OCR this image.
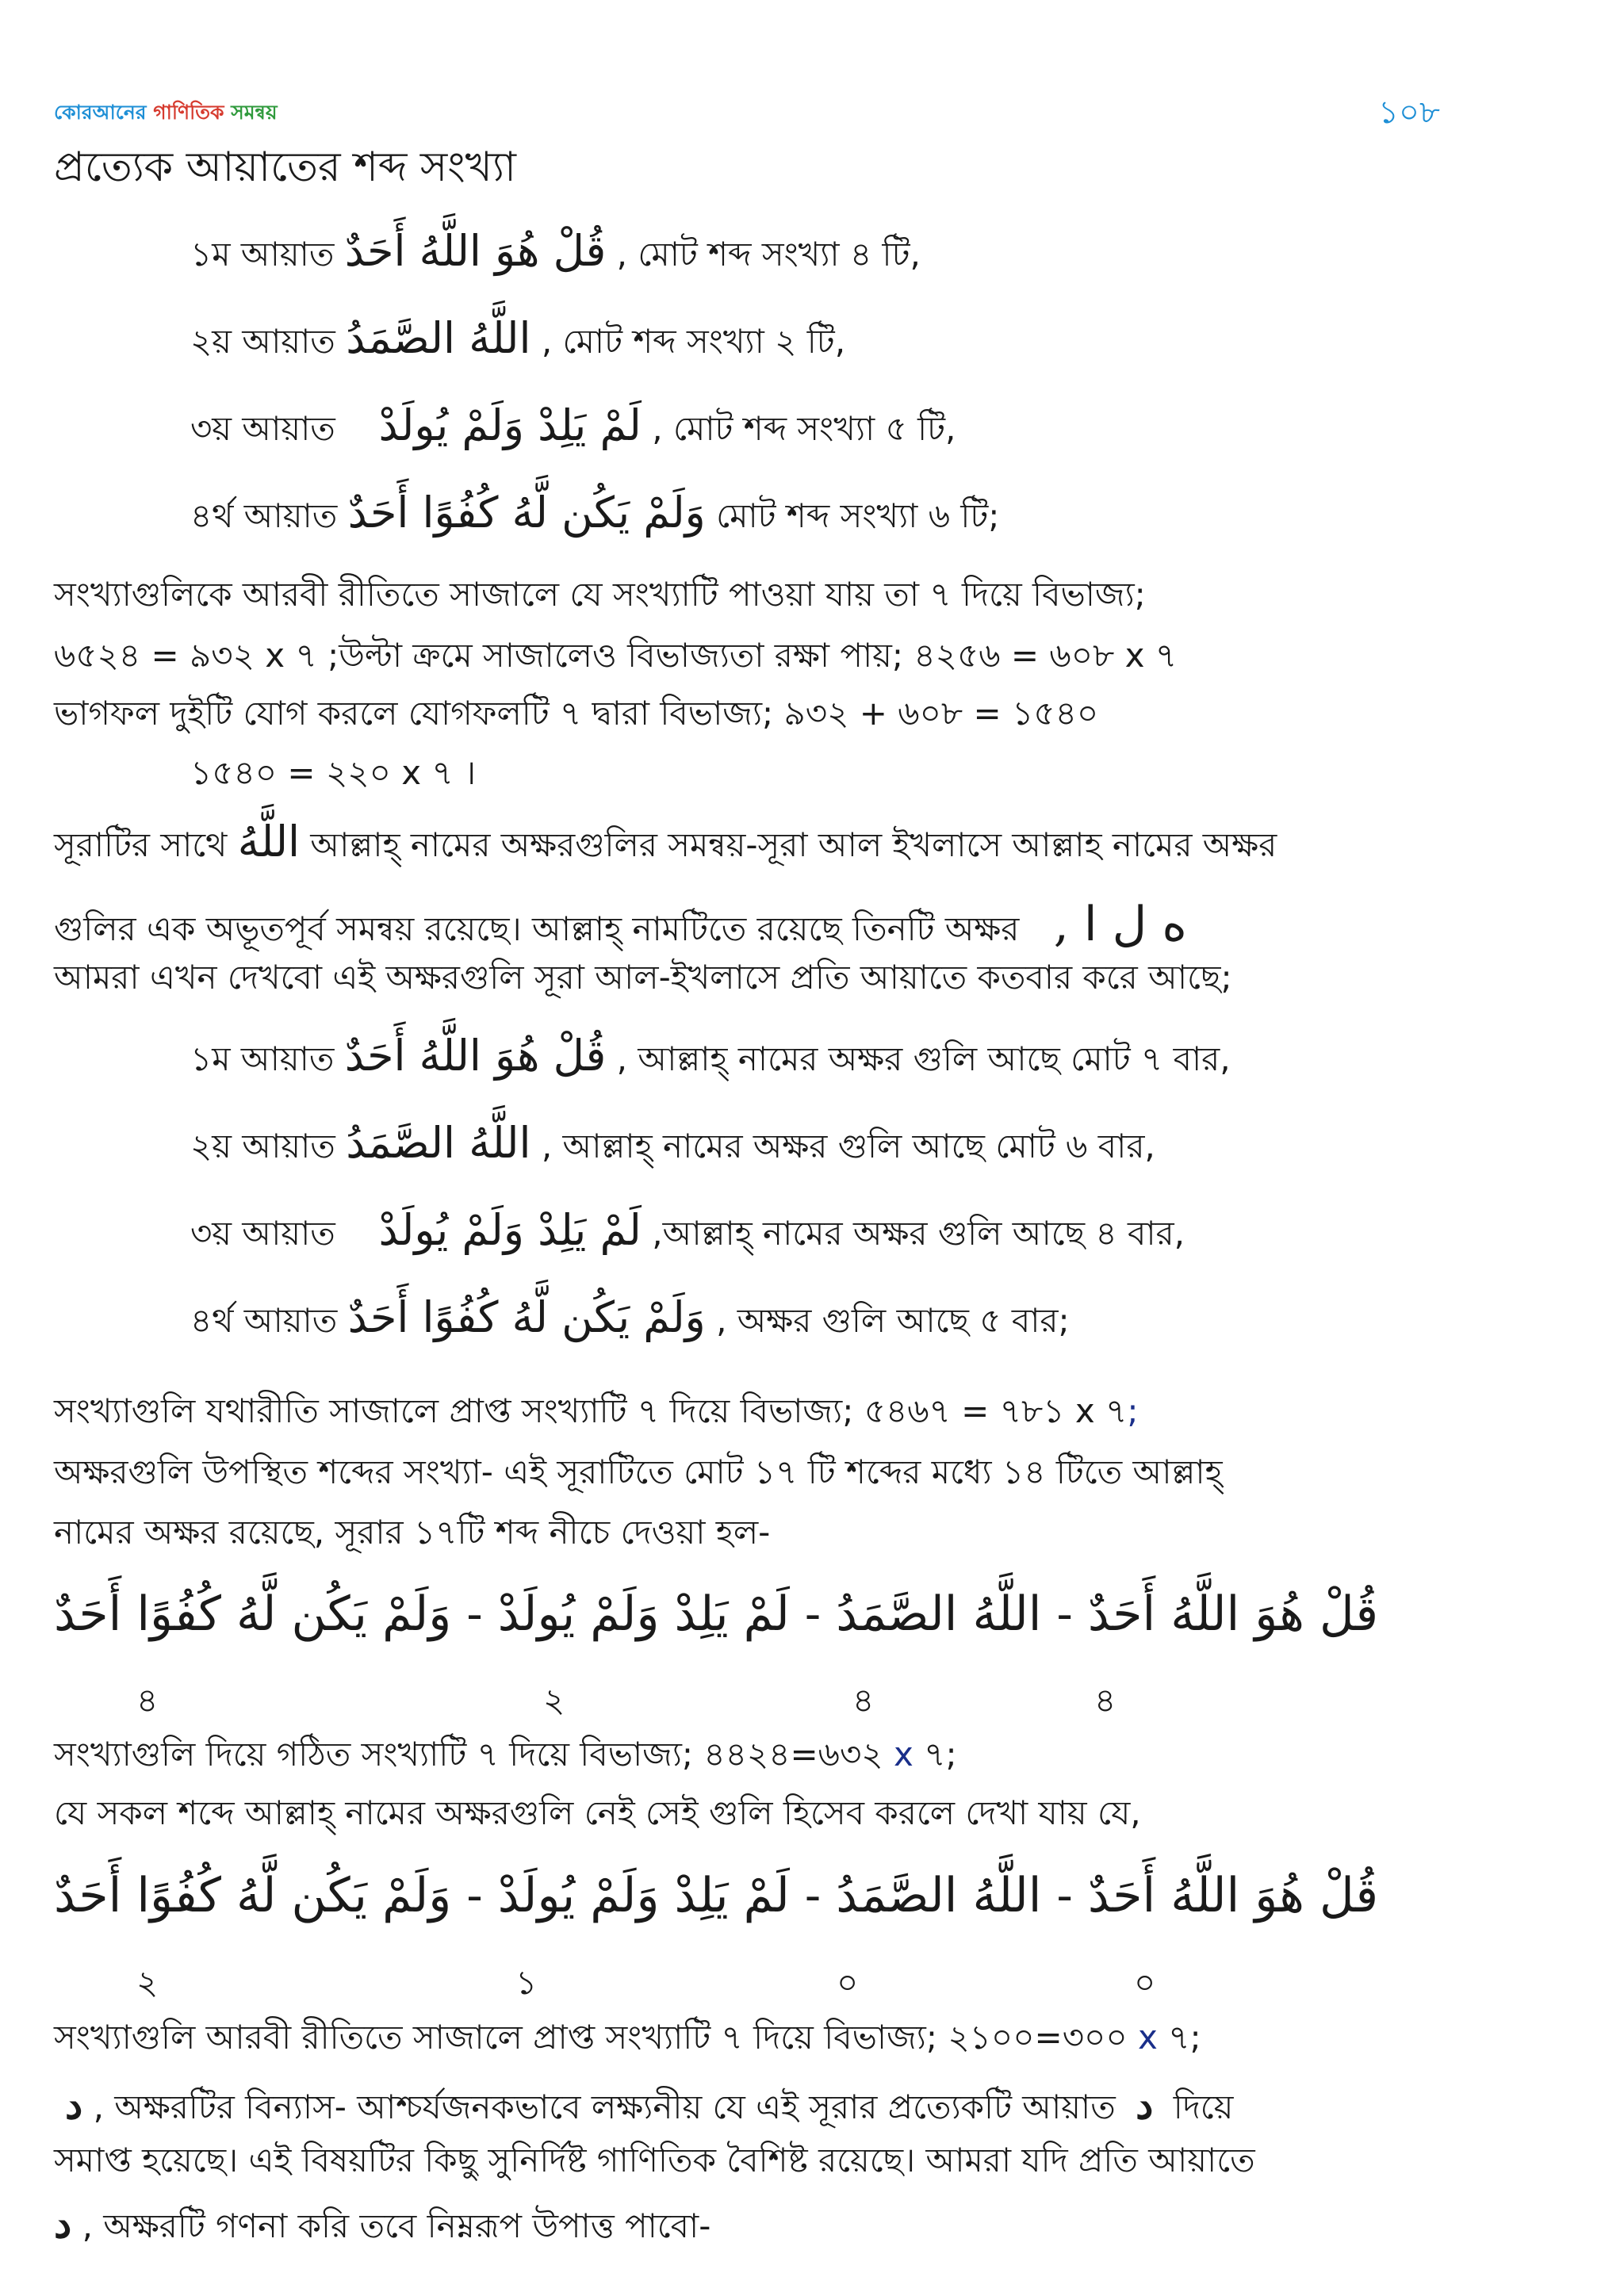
কোরআনের গাণিতিক সমন্বয়	১০৮
প্রত্যেক আয়াতের শব্দ সংখ্যা
১ম আয়াত قُلْ هُوَ اللَّهُ أَحَدٌ , মোট শব্দ সংখ্যা ৪ টি,
২য় আয়াত اللَّهُ الصَّمَدُ , মোট শব্দ সংখ্যা ২ টি,
৩য় আয়াত لَمْ يَلِدْ وَلَمْ يُولَدْ , মোট শব্দ সংখ্যা ৫ টি,
৪র্থ আয়াত وَلَمْ يَكُن لَّهُ كُفُوًا أَحَدٌ মোট শব্দ সংখ্যা ৬ টি;
সংখ্যাগুলিকে আরবী রীতিতে সাজালে যে সংখ্যাটি পাওয়া যায় তা ৭ দিয়ে বিভাজ্য;
৬৫২৪ = ৯৩২ x ৭ ;উল্টা ক্রমে সাজালেও বিভাজ্যতা রক্ষা পায়; ৪২৫৬ = ৬০৮ x ৭
ভাগফল দুইটি যোগ করলে যোগফলটি ৭ দ্বারা বিভাজ্য; ৯৩২ + ৬০৮ = ১৫৪০
১৫৪০ = ২২০ x ৭ ।
সূরাটির সাথে اللَّهُ আল্লাহ্ নামের অক্ষরগুলির সমন্বয়-সূরা আল ইখলাসে আল্লাহ নামের অক্ষর
গুলির এক অভূতপূর্ব সমন্বয় রয়েছে। আল্লাহ্ নামটিতে রয়েছে তিনটি অক্ষর ه ل ا ,
আমরা এখন দেখবো এই অক্ষরগুলি সূরা আল-ইখলাসে প্রতি আয়াতে কতবার করে আছে;
১ম আয়াত قُلْ هُوَ اللَّهُ أَحَدٌ , আল্লাহ্ নামের অক্ষর গুলি আছে মোট ৭ বার,
২য় আয়াত اللَّهُ الصَّمَدُ , আল্লাহ্ নামের অক্ষর গুলি আছে মোট ৬ বার,
৩য় আয়াত لَمْ يَلِدْ وَلَمْ يُولَدْ ,আল্লাহ্ নামের অক্ষর গুলি আছে ৪ বার,
৪র্থ আয়াত وَلَمْ يَكُن لَّهُ كُفُوًا أَحَدٌ , অক্ষর গুলি আছে ৫ বার;
সংখ্যাগুলি যথারীতি সাজালে প্রাপ্ত সংখ্যাটি ৭ দিয়ে বিভাজ্য; ৫৪৬৭ = ৭৮১ x ৭;
অক্ষরগুলি উপস্থিত শব্দের সংখ্যা- এই সূরাটিতে মোট ১৭ টি শব্দের মধ্যে ১৪ টিতে আল্লাহ্
নামের অক্ষর রয়েছে, সূরার ১৭টি শব্দ নীচে দেওয়া হল-
قُلْ هُوَ اللَّهُ أَحَدٌ - اللَّهُ الصَّمَدُ - لَمْ يَلِدْ وَلَمْ يُولَدْ - وَلَمْ يَكُن لَّهُ كُفُوًا أَحَدٌ
৪
৪
২
৪
সংখ্যাগুলি দিয়ে গঠিত সংখ্যাটি ৭ দিয়ে বিভাজ্য; ৪৪২৪=৬৩২ x ৭;
যে সকল শব্দে আল্লাহ্ নামের অক্ষরগুলি নেই সেই গুলি হিসেব করলে দেখা যায় যে,
قُلْ هُوَ اللَّهُ أَحَدٌ - اللَّهُ الصَّمَدُ - لَمْ يَلِدْ وَلَمْ يُولَدْ - وَلَمْ يَكُن لَّهُ كُفُوًا أَحَدٌ
০
০
১
২
সংখ্যাগুলি আরবী রীতিতে সাজালে প্রাপ্ত সংখ্যাটি ৭ দিয়ে বিভাজ্য; ২১০০=৩০০ x ৭;
د , অক্ষরটির বিন্যাস- আশ্চর্যজনকভাবে লক্ষ্যনীয় যে এই সূরার প্রত্যেকটি আয়াত د দিয়ে
সমাপ্ত হয়েছে। এই বিষয়টির কিছু সুনির্দিষ্ট গাণিতিক বৈশিষ্ট রয়েছে। আমরা যদি প্রতি আয়াতে
د , অক্ষরটি গণনা করি তবে নিম্নরূপ উপাত্ত পাবো-
